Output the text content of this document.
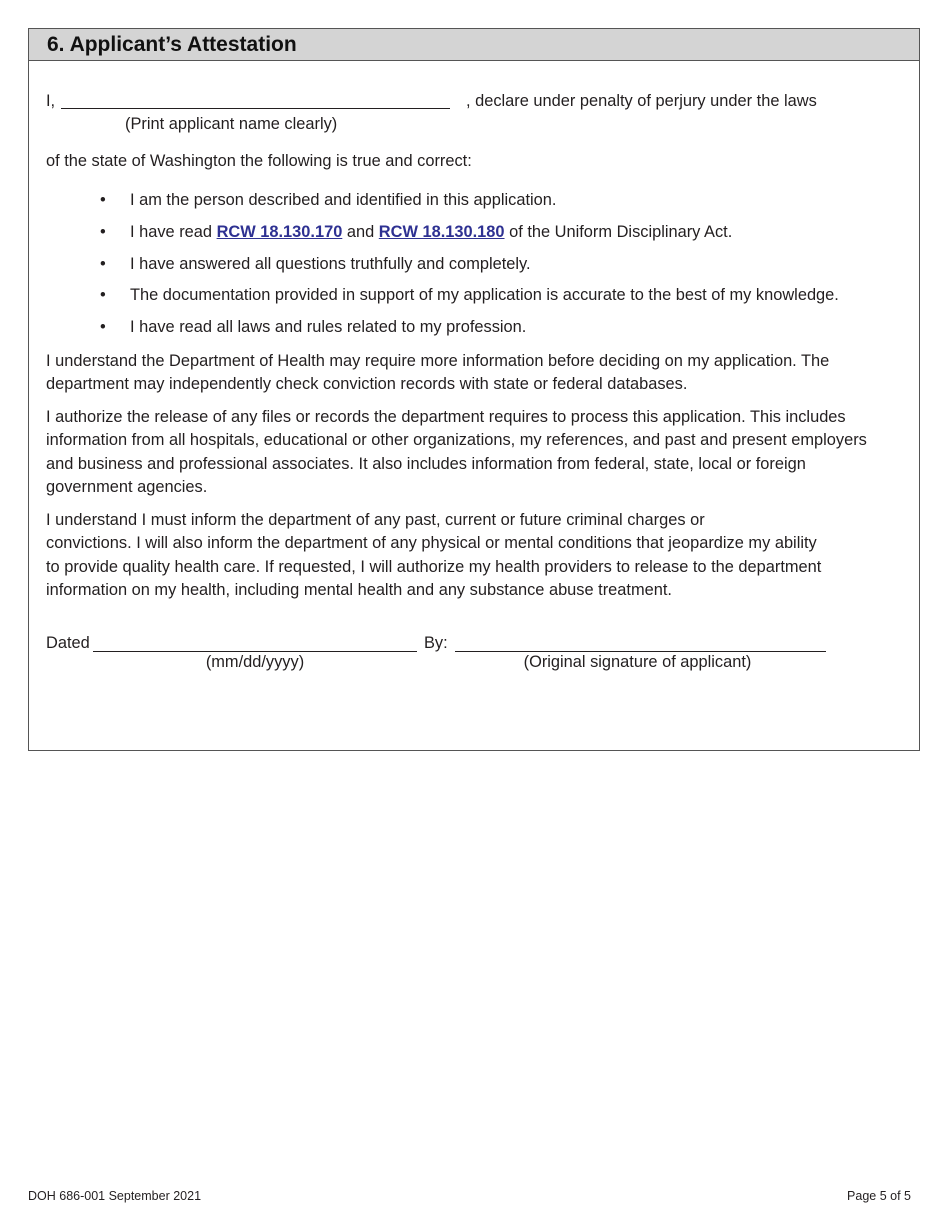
6. Applicant’s Attestation
I,	, declare under penalty of perjury under the laws
(Print applicant name clearly)
of the state of Washington the following is true and correct:
• I am the person described and identified in this application.
• I have read RCW 18.130.170 and RCW 18.130.180 of the Uniform Disciplinary Act.
• I have answered all questions truthfully and completely.
• The documentation provided in support of my application is accurate to the best of my knowledge.
• I have read all laws and rules related to my profession.
I understand the Department of Health may require more information before deciding on my application. The
department may independently check conviction records with state or federal databases.
I authorize the release of any files or records the department requires to process this application. This includes
information from all hospitals, educational or other organizations, my references, and past and present employers
and business and professional associates. It also includes information from federal, state, local or foreign
government agencies.
I understand I must inform the department of any past, current or future criminal charges or
convictions. I will also inform the department of any physical or mental conditions that jeopardize my ability
to provide quality health care. If requested, I will authorize my health providers to release to the department
information on my health, including mental health and any substance abuse treatment.
Dated
(mm/dd/yyyy)
By:
(Original signature of applicant)
DOH 686-001 September 2021	Page 5 of 5
